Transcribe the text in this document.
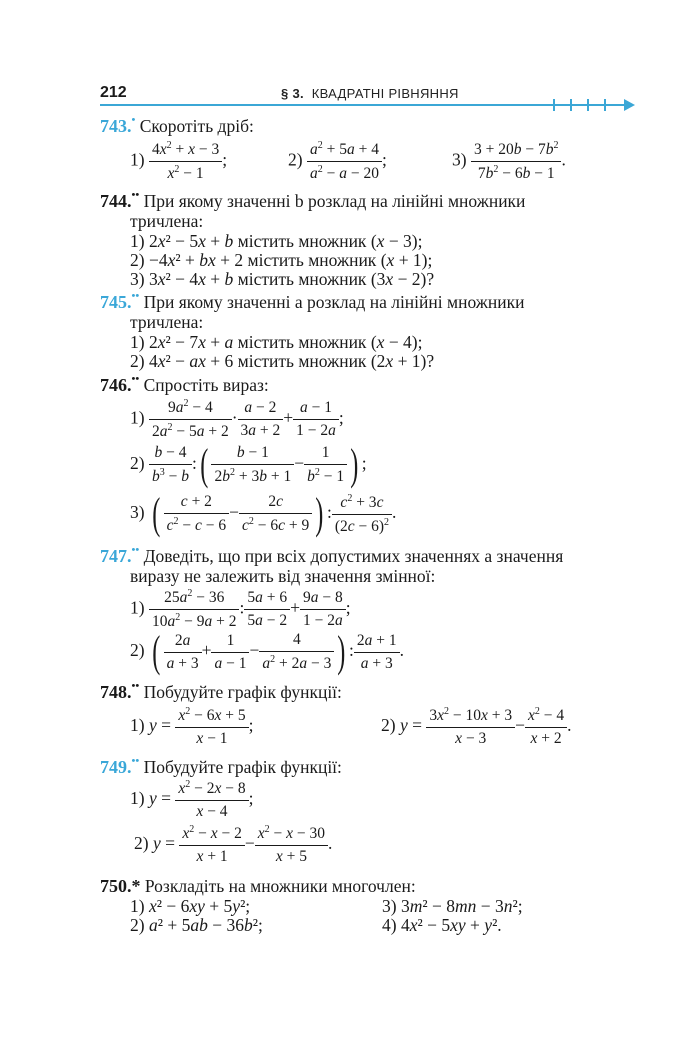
212	§ 3. КВАДРАТНІ РІВНЯННЯ
743.• Скоротіть дріб:
$1) \frac{4x^2 + x - 3}{x^2 - 1}$ ;	$2) \frac{a^2 + 5a + 4}{a^2 - a - 20}$ ;	$3) \frac{3 + 20b - 7b^2}{7b^2 - 6b - 1}$ .
744.•• При якому значенні b розклад на лінійні множники
тричлена:
1) 2x² − 5x + b містить множник (x − 3);
2) −4x² + bx + 2 містить множник (x + 1);
3) 3x² − 4x + b містить множник (3x − 2)?
745.•• При якому значенні a розклад на лінійні множники
тричлена:
1) 2x² − 7x + a містить множник (x − 4);
2) 4x² − ax + 6 містить множник (2x + 1)?
746.•• Спростіть вираз:
$1) \frac{9a^2 - 4}{2a^2 - 5a + 2} \cdot \frac{a - 2}{3a + 2} + \frac{a - 1}{1 - 2a}$ ;
$2) \frac{b - 4}{b^3 - b}$ :( $\frac{b - 1}{2b^2 + 3b + 1} - \frac{1}{b^2 - 1}$ ) ;
3) ( $\frac{c + 2}{c^2 - c - 6} - \frac{2c}{c^2 - 6c + 9}$ ) : $\frac{c^2 + 3c}{(2c - 6)^2}$ .
747.•• Доведіть, що при всіх допустимих значеннях a значення
виразу не залежить від значення змінної:
$1) \frac{25a^2 - 36}{10a^2 - 9a + 2}$ : $\frac{5a + 6}{5a - 2} + \frac{9a - 8}{1 - 2a}$ ;
2) ( $\frac{2a}{a + 3} + \frac{1}{a - 1} - \frac{4}{a^2 + 2a - 3}$ ) : $\frac{2a + 1}{a + 3}$ .
748.•• Побудуйте графік функції:
1) $y = \frac{x^2 - 6x + 5}{x - 1}$ ;	2) $y = \frac{3x^2 - 10x + 3}{x - 3} - \frac{x^2 - 4}{x + 2}$ .
749.•• Побудуйте графік функції:
1) $y = \frac{x^2 - 2x - 8}{x - 4}$ ;
2) $y = \frac{x^2 - x - 2}{x + 1} - \frac{x^2 - x - 30}{x + 5}$ .
750.* Розкладіть на множники многочлен:
1) x² − 6xy + 5y²;	3) 3m² − 8mn − 3n²;
2) a² + 5ab − 36b²;	4) 4x² − 5xy + y².
